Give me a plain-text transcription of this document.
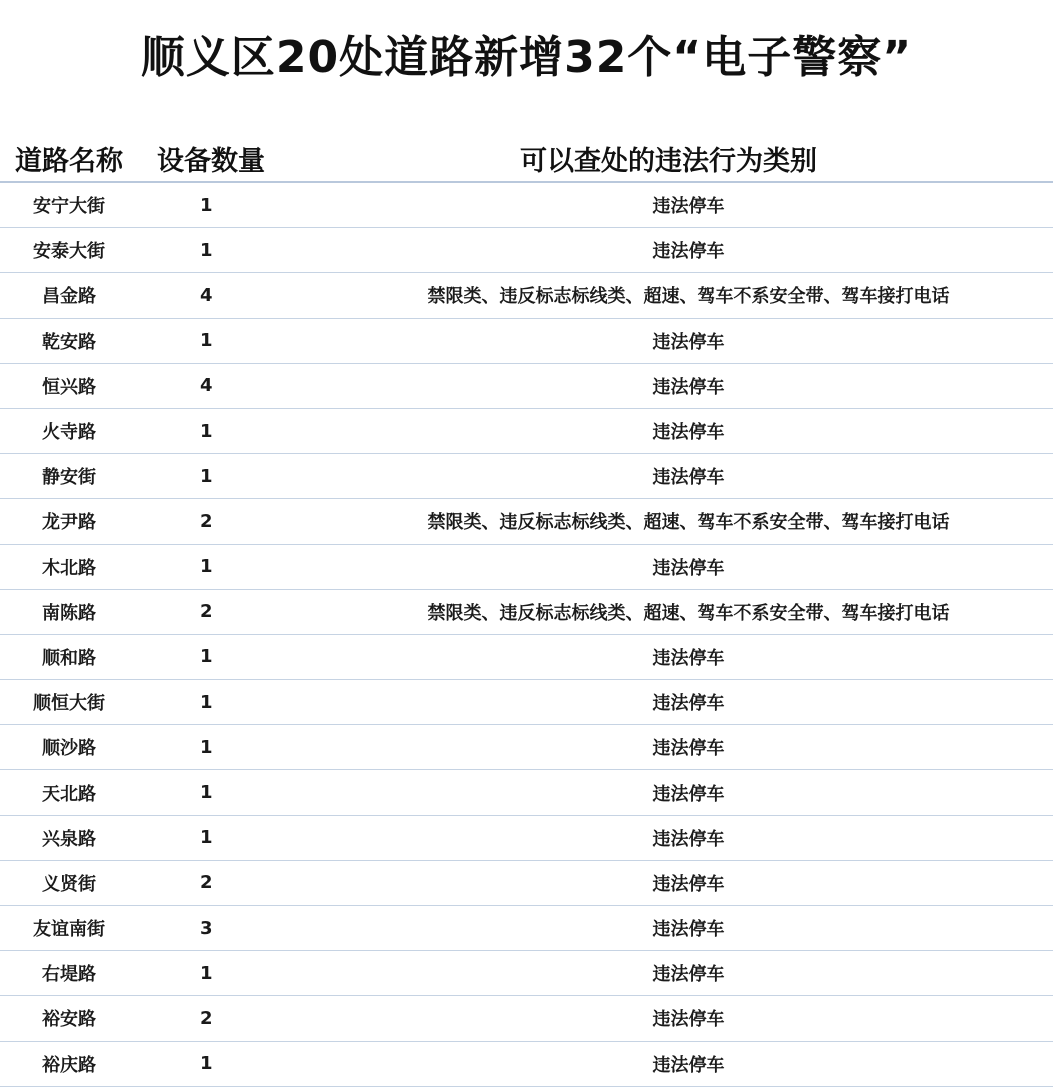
顺义区20处道路新增32个“电子警察”
道路名称	设备数量	可以查处的违法行为类别
安宁大街	1	违法停车
安泰大街	1	违法停车
昌金路	4	禁限类、违反标志标线类、超速、驾车不系安全带、驾车接打电话
乾安路	1	违法停车
恒兴路	4	违法停车
火寺路	1	违法停车
静安街	1	违法停车
龙尹路	2	禁限类、违反标志标线类、超速、驾车不系安全带、驾车接打电话
木北路	1	违法停车
南陈路	2	禁限类、违反标志标线类、超速、驾车不系安全带、驾车接打电话
顺和路	1	违法停车
顺恒大街	1	违法停车
顺沙路	1	违法停车
天北路	1	违法停车
兴泉路	1	违法停车
义贤街	2	违法停车
友谊南街	3	违法停车
右堤路	1	违法停车
裕安路	2	违法停车
裕庆路	1	违法停车
